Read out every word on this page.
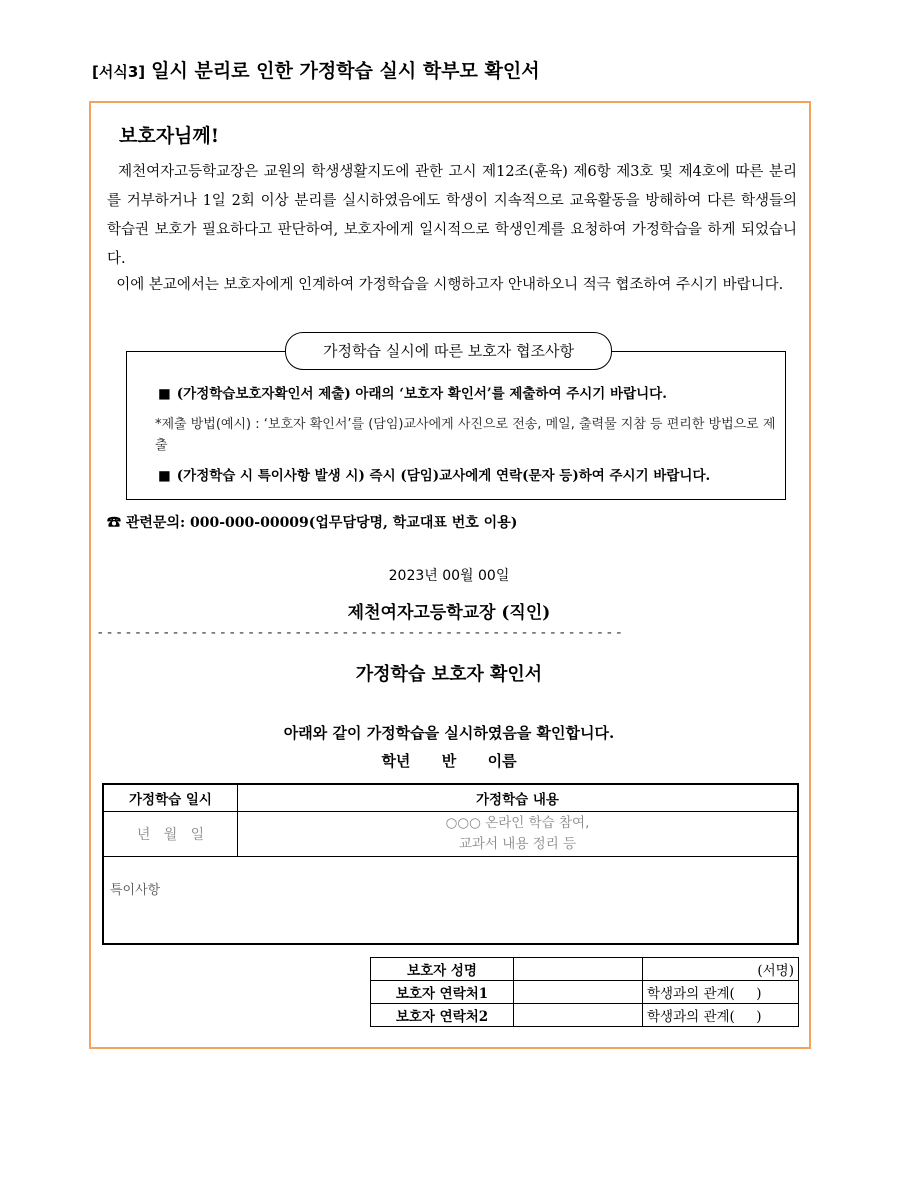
[서식3] 일시 분리로 인한 가정학습 실시 학부모 확인서
보호자님께!
제천여자고등학교장은 교원의 학생생활지도에 관한 고시 제12조(훈육) 제6항 제3호 및 제4호에 따른 분리를 거부하거나 1일 2회 이상 분리를 실시하였음에도 학생이 지속적으로 교육활동을 방해하여 다른 학생들의 학습권 보호가 필요하다고 판단하여, 보호자에게 일시적으로 학생인계를 요청하여 가정학습을 하게 되었습니다.
이에 본교에서는 보호자에게 인계하여 가정학습을 시행하고자 안내하오니 적극 협조하여 주시기 바랍니다.
가정학습 실시에 따른 보호자 협조사항
■ (가정학습보호자확인서 제출) 아래의 ‘보호자 확인서’를 제출하여 주시기 바랍니다.
*제출 방법(예시) : ‘보호자 확인서’를 (담임)교사에게 사진으로 전송, 메일, 출력물 지참 등 편리한 방법으로 제출
■ (가정학습 시 특이사항 발생 시) 즉시 (담임)교사에게 연락(문자 등)하여 주시기 바랍니다.
☎ 관련문의: 000-000-00009(업무담당명, 학교대표 번호 이용)
2023년 00월 00일
제천여자고등학교장 (직인)
--------------------------------------------------------
가정학습 보호자 확인서
아래와 같이 가정학습을 실시하였음을 확인합니다.
학년      반      이름
가정학습 일시	가정학습 내용
년   월   일	○○○ 온라인 학습 참여,
교과서 내용 정리 등

특이사항	
보호자 성명		(서명)
보호자 연락처1		학생과의 관계(     )
보호자 연락처2		학생과의 관계(     )
